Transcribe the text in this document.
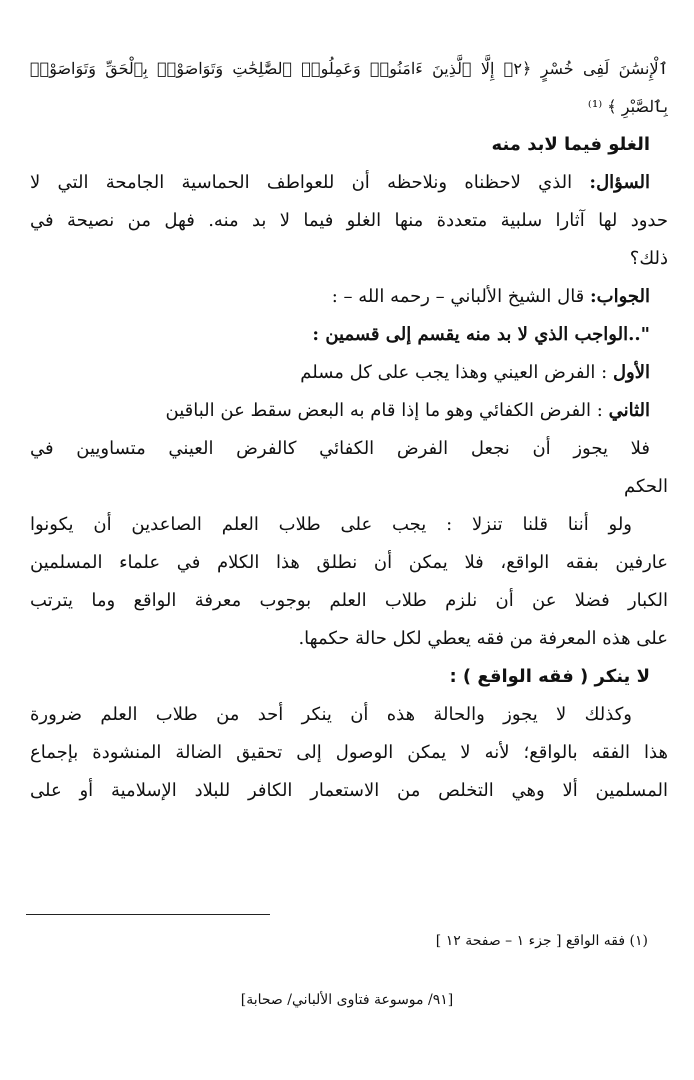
ٱلْإِنسَٰنَ لَفِى خُسْرٍ ﴿٢﴾ إِلَّا ٱلَّذِينَ ءَامَنُوا۟ وَعَمِلُوا۟ ٱلصَّٰلِحَٰتِ وَتَوَاصَوْا۟ بِٱلْحَقِّ وَتَوَاصَوْا۟
بِٱلصَّبْرِ ﴾ ⁽¹⁾
الغلو فيما لابد منه
السؤال: الذي لاحظناه ونلاحظه أن للعواطف الحماسية الجامحة التي لا
حدود لها آثارا سلبية متعددة منها الغلو فيما لا بد منه. فهل من نصيحة في
ذلك؟
الجواب: قال الشيخ الألباني – رحمه الله – :
"..الواجب الذي لا بد منه يقسم إلى قسمين :
الأول : الفرض العيني وهذا يجب على كل مسلم
الثاني : الفرض الكفائي وهو ما إذا قام به البعض سقط عن الباقين
فلا يجوز أن نجعل الفرض الكفائي كالفرض العيني متساويين في
الحكم
ولو أننا قلنا تنزلا : يجب على طلاب العلم الصاعدين أن يكونوا
عارفين بفقه الواقع، فلا يمكن أن نطلق هذا الكلام في علماء المسلمين
الكبار فضلا عن أن نلزم طلاب العلم بوجوب معرفة الواقع وما يترتب
على هذه المعرفة من فقه يعطي لكل حالة حكمها.
لا ينكر ( فقه الواقع ) :
وكذلك لا يجوز والحالة هذه أن ينكر أحد من طلاب العلم ضرورة
هذا الفقه بالواقع؛ لأنه لا يمكن الوصول إلى تحقيق الضالة المنشودة بإجماع
المسلمين ألا وهي التخلص من الاستعمار الكافر للبلاد الإسلامية أو على
(١) فقه الواقع [ جزء ١ – صفحة ١٢ ]
[٩١/ موسوعة فتاوى الألباني/ صحابة]
